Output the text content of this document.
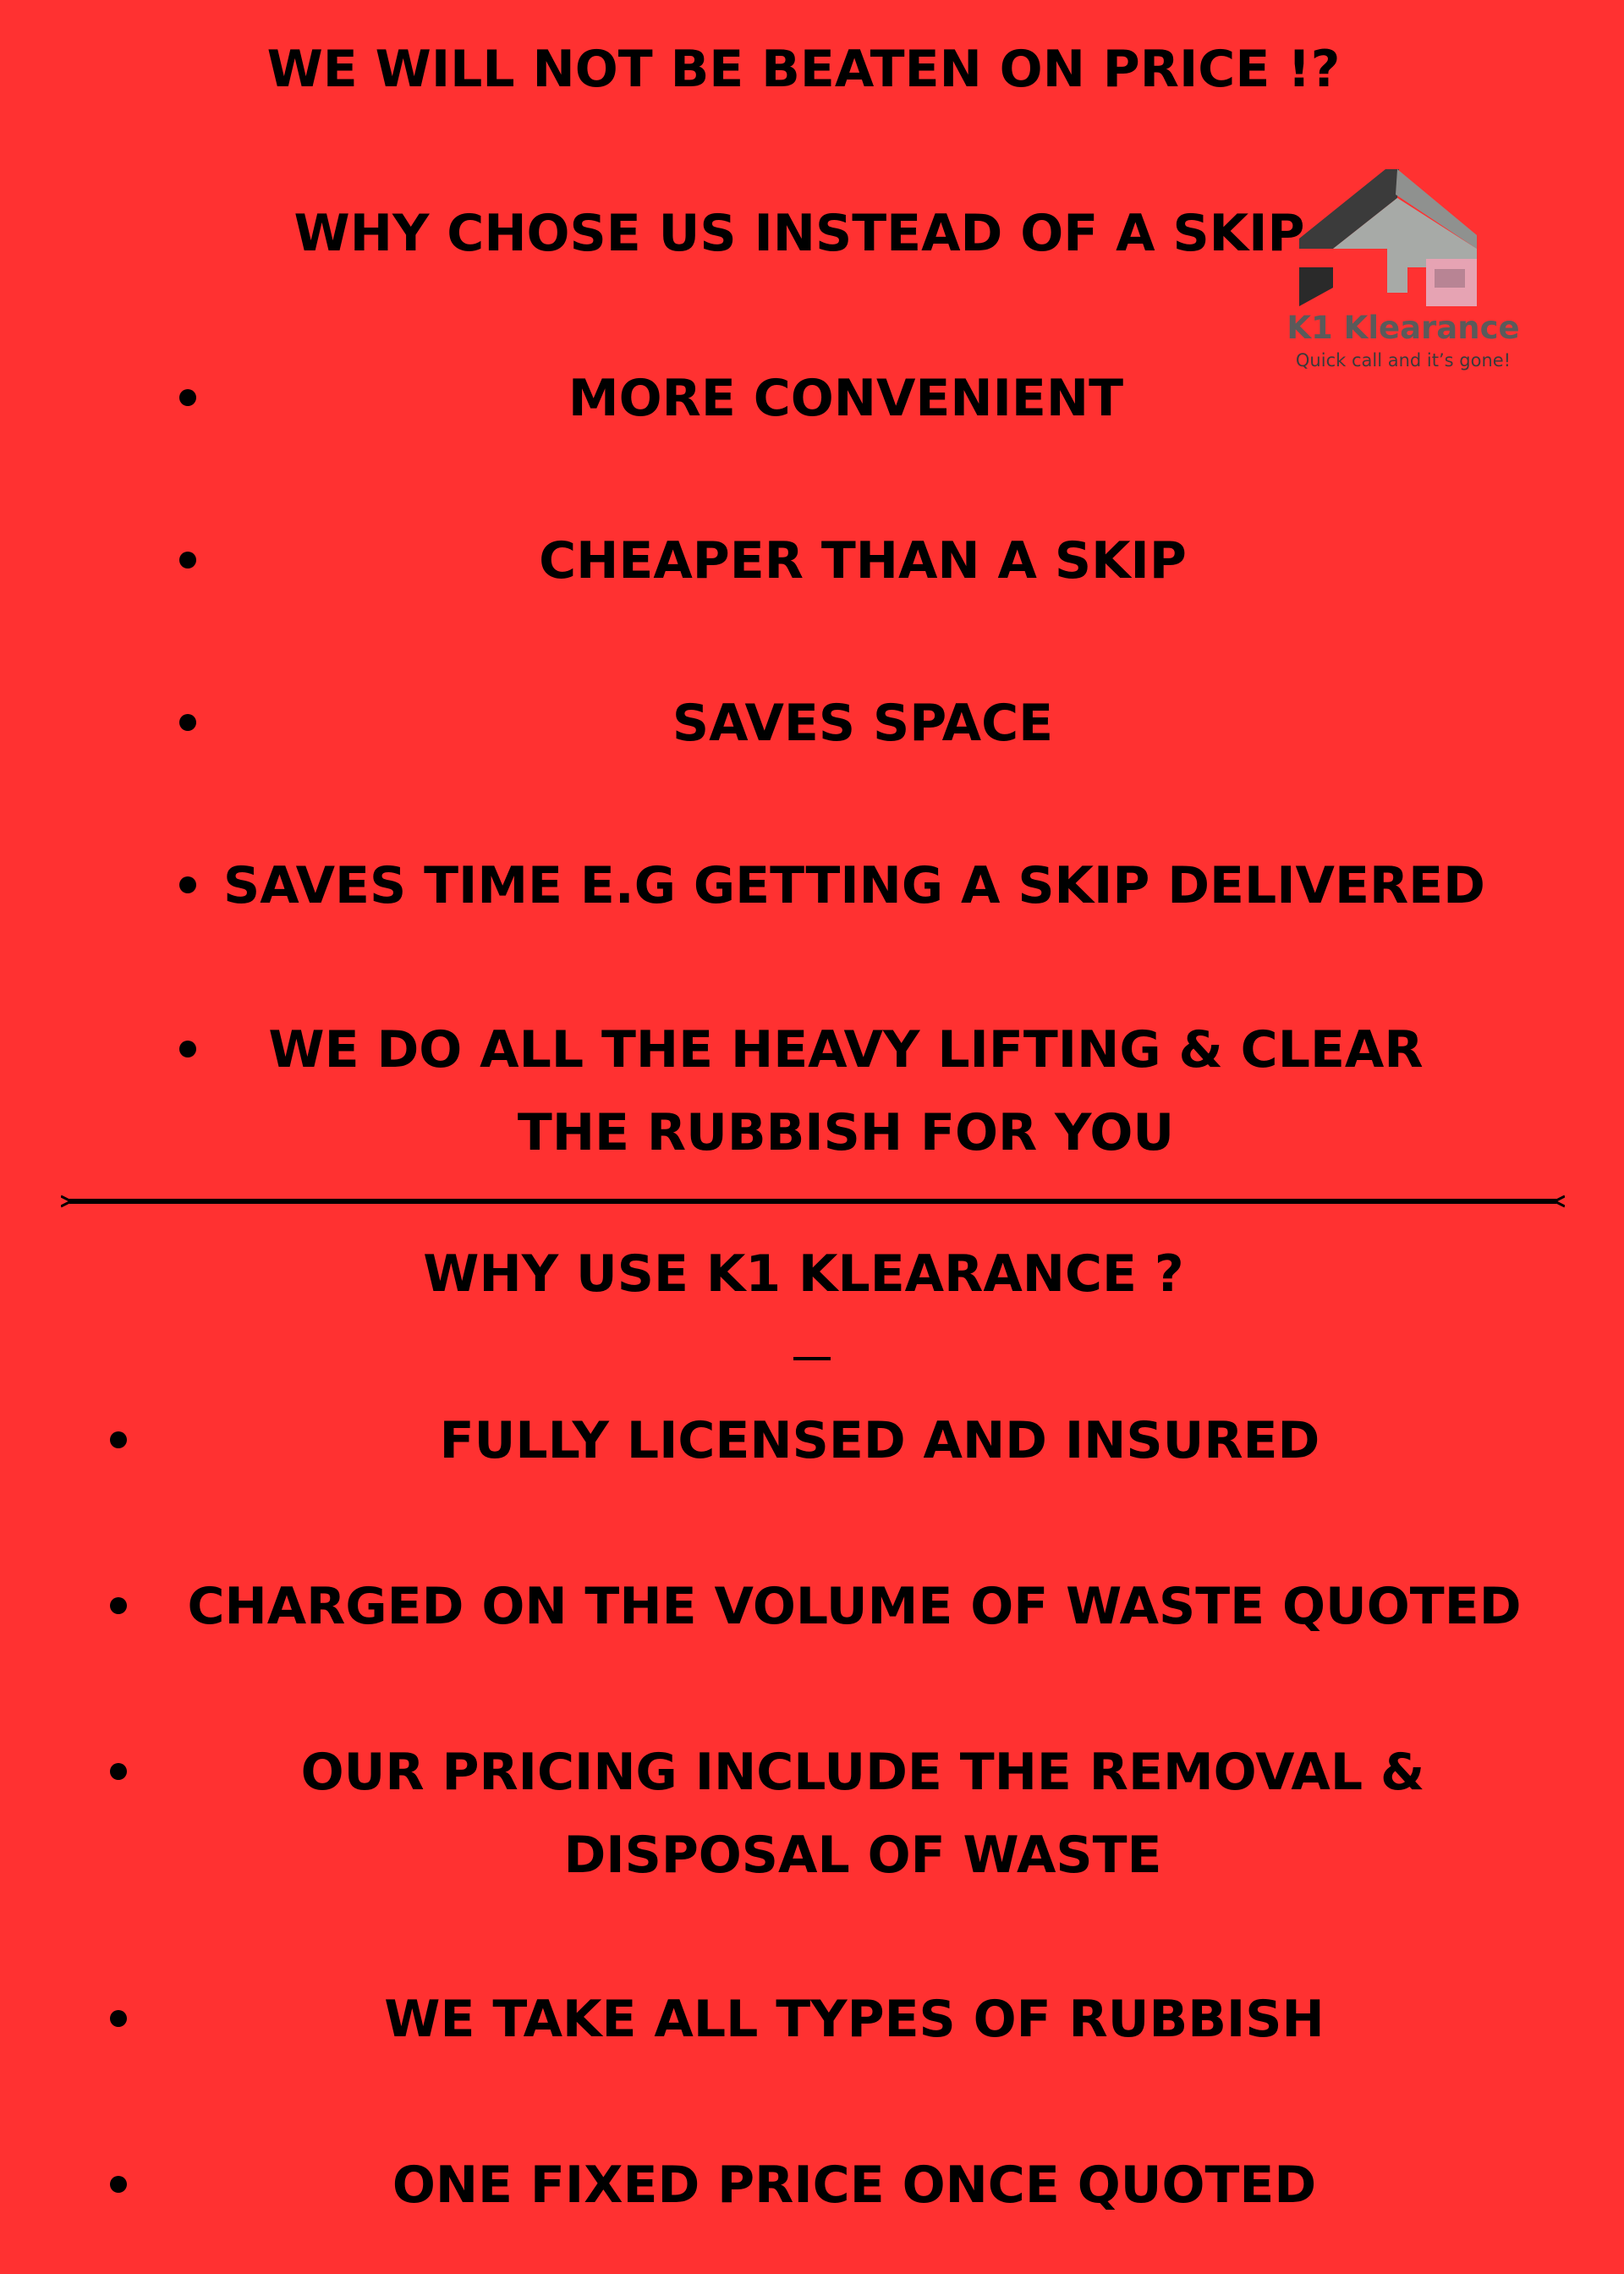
WE WILL NOT BE BEATEN ON PRICE !?
WHY CHOSE US INSTEAD OF A SKIP
K1 Klearance
Quick call and it’s gone!

MORE CONVENIENT

CHEAPER THAN A SKIP

SAVES SPACE

SAVES TIME E.G GETTING A SKIP DELIVERED

WE DO ALL THE HEAVY LIFTING & CLEAR THE RUBBISH FOR YOU

WHY USE K1 KLEARANCE ?

FULLY LICENSED AND INSURED

CHARGED ON THE VOLUME OF WASTE QUOTED

OUR PRICING INCLUDE THE REMOVAL & DISPOSAL OF WASTE

WE TAKE ALL TYPES OF RUBBISH

ONE FIXED PRICE ONCE QUOTED
